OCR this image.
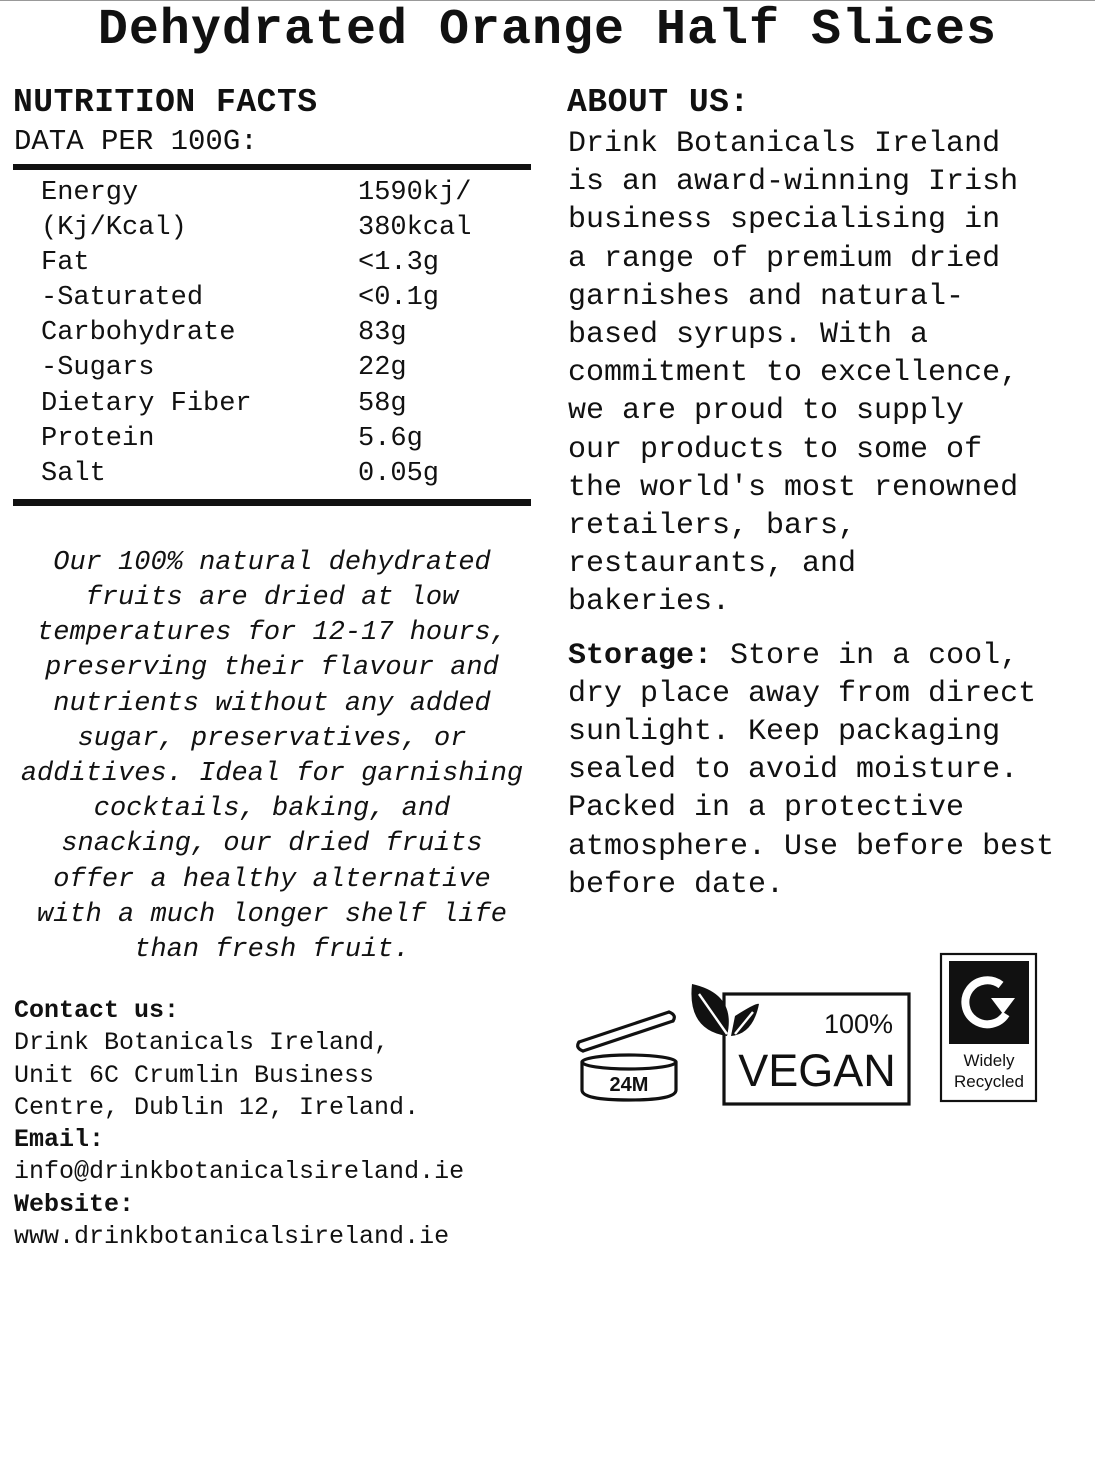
Dehydrated Orange Half Slices
NUTRITION FACTS
DATA PER 100G:
Energy	1590kj/
(Kj/Kcal)	380kcal
Fat	<1.3g
-Saturated	<0.1g
Carbohydrate	83g
-Sugars	22g
Dietary Fiber	58g
Protein	5.6g
Salt	0.05g

Our 100% natural dehydrated fruits are dried at low temperatures for 12-17 hours, preserving their flavour and nutrients without any added sugar, preservatives, or additives. Ideal for garnishing cocktails, baking, and snacking, our dried fruits offer a healthy alternative with a much longer shelf life than fresh fruit.

Contact us:
Drink Botanicals Ireland,
Unit 6C Crumlin Business
Centre, Dublin 12, Ireland.
Email:
info@drinkbotanicalsireland.ie
Website:
www.drinkbotanicalsireland.ie
ABOUT US:
Drink Botanicals Ireland
is an award-winning Irish
business specialising in
a range of premium dried
garnishes and natural-
based syrups. With a
commitment to excellence,
we are proud to supply
our products to some of
the world's most renowned
retailers, bars,
restaurants, and
bakeries.
Storage: Store in a cool, dry place away from direct sunlight. Keep packaging sealed to avoid moisture. Packed in a protective atmosphere. Use before best before date.
24M
100%
VEGAN	Widely
Recycled
